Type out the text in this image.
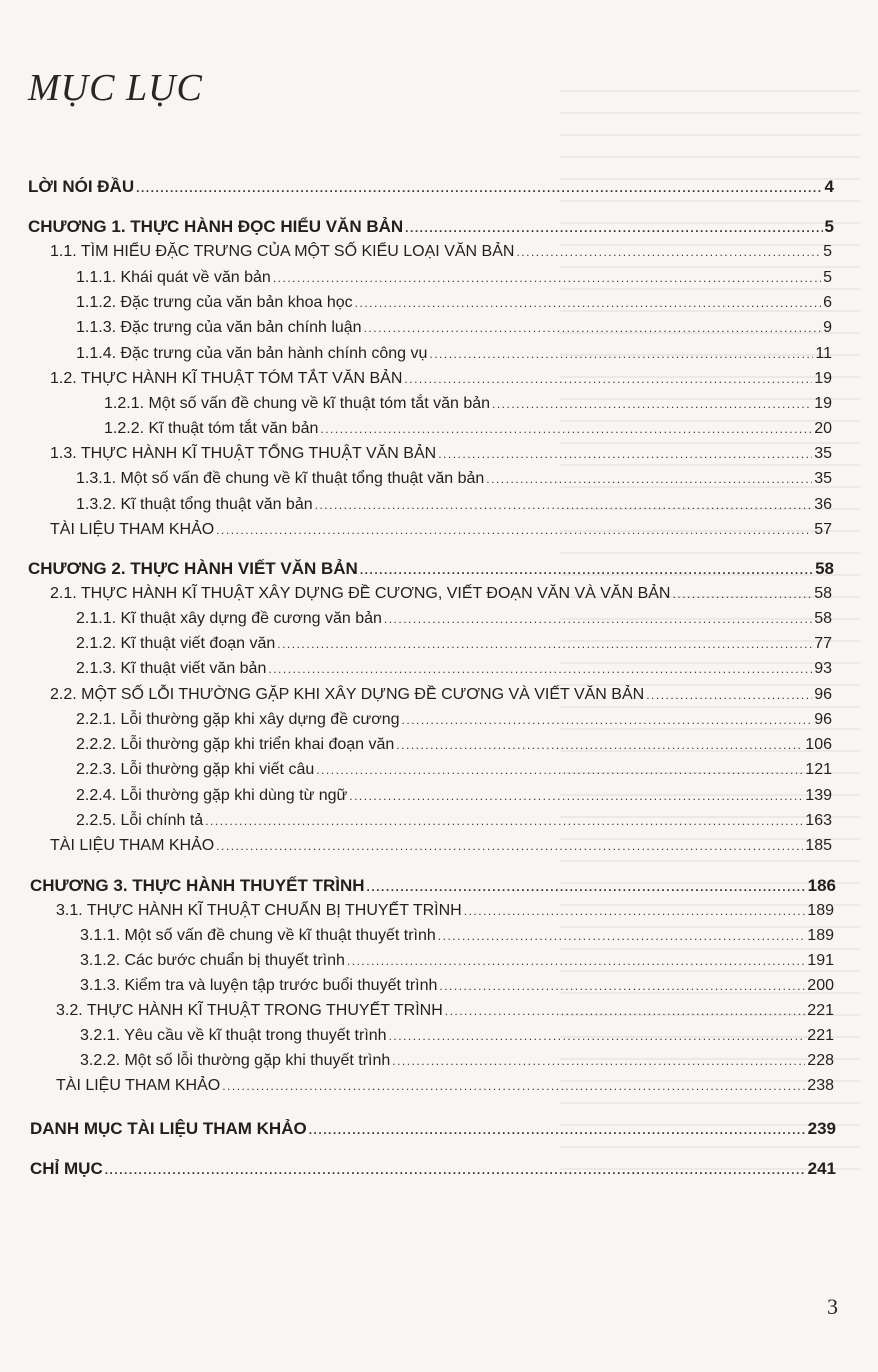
MỤC LỤC
LỜI NÓI ĐẦU .....	4
CHƯƠNG 1. THỰC HÀNH ĐỌC HIỂU VĂN BẢN .....	5
1.1. TÌM HIỂU ĐẶC TRƯNG CỦA MỘT SỐ KIỂU LOẠI VĂN BẢN .....	5
1.1.1. Khái quát về văn bản .....	5
1.1.2. Đặc trưng của văn bản khoa học .....	6
1.1.3. Đặc trưng của văn bản chính luận .....	9
1.1.4. Đặc trưng của văn bản hành chính công vụ .....	11
1.2. THỰC HÀNH KĨ THUẬT TÓM TẮT VĂN BẢN .....	19
1.2.1. Một số vấn đề chung về kĩ thuật tóm tắt văn bản .....	19
1.2.2. Kĩ thuật tóm tắt văn bản .....	20
1.3. THỰC HÀNH KĨ THUẬT TỔNG THUẬT VĂN BẢN .....	35
1.3.1. Một số vấn đề chung về kĩ thuật tổng thuật văn bản .....	35
1.3.2. Kĩ thuật tổng thuật văn bản .....	36
TÀI LIỆU THAM KHẢO .....	57
CHƯƠNG 2. THỰC HÀNH VIẾT VĂN BẢN .....	58
2.1. THỰC HÀNH KĨ THUẬT XÂY DỰNG ĐỀ CƯƠNG, VIẾT ĐOẠN VĂN VÀ VĂN BẢN .....	58
2.1.1. Kĩ thuật xây dựng đề cương văn bản .....	58
2.1.2. Kĩ thuật viết đoạn văn .....	77
2.1.3. Kĩ thuật viết văn bản .....	93
2.2. MỘT SỐ LỖI THƯỜNG GẶP KHI XÂY DỰNG ĐỀ CƯƠNG VÀ VIẾT VĂN BẢN .....	96
2.2.1. Lỗi thường gặp khi xây dựng đề cương .....	96
2.2.2. Lỗi thường gặp khi triển khai đoạn văn .....	106
2.2.3. Lỗi thường gặp khi viết câu .....	121
2.2.4. Lỗi thường gặp khi dùng từ ngữ .....	139
2.2.5. Lỗi chính tả .....	163
TÀI LIỆU THAM KHẢO .....	185
CHƯƠNG 3. THỰC HÀNH THUYẾT TRÌNH .....	186
3.1. THỰC HÀNH KĨ THUẬT CHUẨN BỊ THUYẾT TRÌNH .....	189
3.1.1. Một số vấn đề chung về kĩ thuật thuyết trình .....	189
3.1.2. Các bước chuẩn bị thuyết trình .....	191
3.1.3. Kiểm tra và luyện tập trước buổi thuyết trình .....	200
3.2. THỰC HÀNH KĨ THUẬT TRONG THUYẾT TRÌNH .....	221
3.2.1. Yêu cầu về kĩ thuật trong thuyết trình .....	221
3.2.2. Một số lỗi thường gặp khi thuyết trình .....	228
TÀI LIỆU THAM KHẢO .....	238
DANH MỤC TÀI LIỆU THAM KHẢO .....	239
CHỈ MỤC .....	241
3
